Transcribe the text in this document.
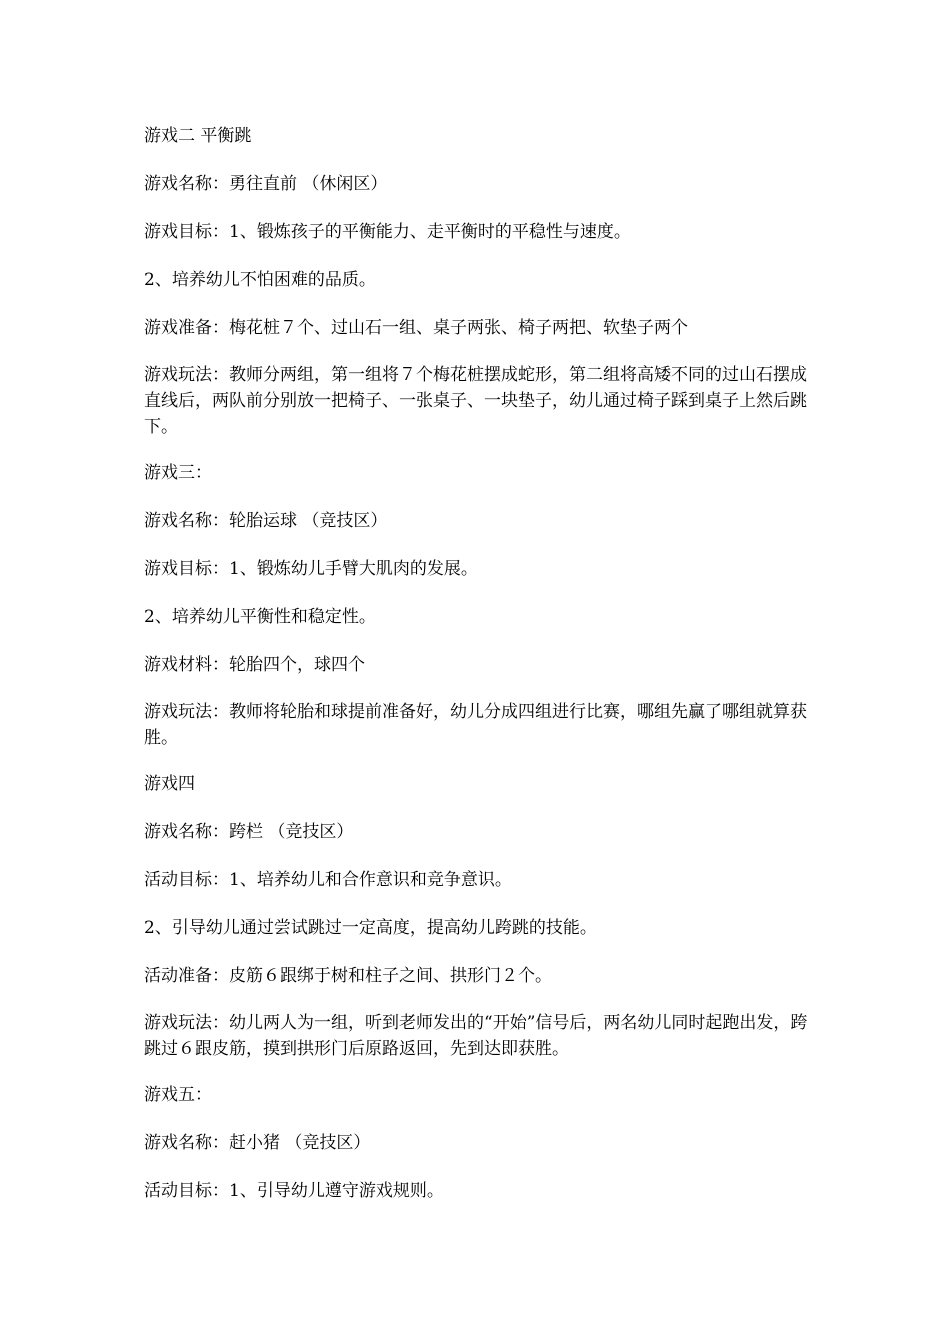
游戏二 平衡跳

游戏名称：勇往直前 （休闲区）

游戏目标：1、锻炼孩子的平衡能力、走平衡时的平稳性与速度。

2、培养幼儿不怕困难的品质。

游戏准备：梅花桩７个、过山石一组、桌子两张、椅子两把、软垫子两个

游戏玩法：教师分两组，第一组将７个梅花桩摆成蛇形，第二组将高矮不同的过山石摆成直线后，两队前分别放一把椅子、一张桌子、一块垫子，幼儿通过椅子踩到桌子上然后跳下。

游戏三：

游戏名称：轮胎运球 （竞技区）

游戏目标：1、锻炼幼儿手臂大肌肉的发展。

2、培养幼儿平衡性和稳定性。

游戏材料：轮胎四个，球四个

游戏玩法：教师将轮胎和球提前准备好，幼儿分成四组进行比赛，哪组先赢了哪组就算获胜。

游戏四

游戏名称：跨栏 （竞技区）

活动目标：1、培养幼儿和合作意识和竞争意识。

2、引导幼儿通过尝试跳过一定高度，提高幼儿跨跳的技能。

活动准备：皮筋６跟绑于树和柱子之间、拱形门２个。

游戏玩法：幼儿两人为一组，听到老师发出的“开始”信号后，两名幼儿同时起跑出发，跨跳过６跟皮筋，摸到拱形门后原路返回，先到达即获胜。

游戏五：

游戏名称：赶小猪 （竞技区）

活动目标：1、引导幼儿遵守游戏规则。
